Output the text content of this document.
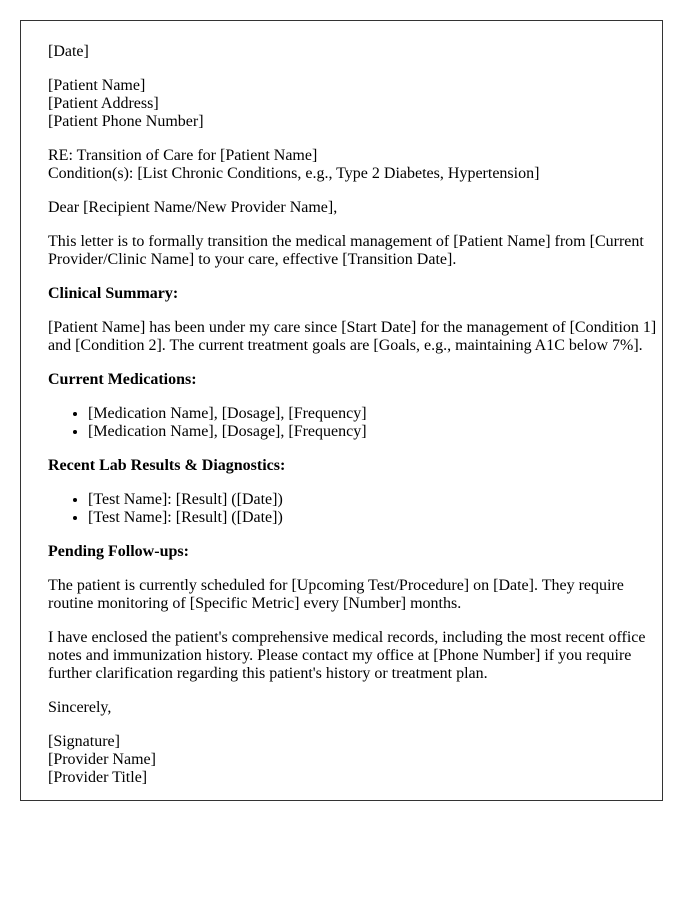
[Date]

[Patient Name]
[Patient Address]
[Patient Phone Number]

RE: Transition of Care for [Patient Name]
Condition(s): [List Chronic Conditions, e.g., Type 2 Diabetes, Hypertension]

Dear [Recipient Name/New Provider Name],

This letter is to formally transition the medical management of [Patient Name] from [Current Provider/Clinic Name] to your care, effective [Transition Date].

Clinical Summary:

[Patient Name] has been under my care since [Start Date] for the management of [Condition 1] and [Condition 2]. The current treatment goals are [Goals, e.g., maintaining A1C below 7%].

Current Medications:

• [Medication Name], [Dosage], [Frequency]
• [Medication Name], [Dosage], [Frequency]

Recent Lab Results & Diagnostics:

• [Test Name]: [Result] ([Date])
• [Test Name]: [Result] ([Date])

Pending Follow-ups:

The patient is currently scheduled for [Upcoming Test/Procedure] on [Date]. They require routine monitoring of [Specific Metric] every [Number] months.

I have enclosed the patient's comprehensive medical records, including the most recent office notes and immunization history. Please contact my office at [Phone Number] if you require further clarification regarding this patient's history or treatment plan.

Sincerely,

[Signature]
[Provider Name]
[Provider Title]
